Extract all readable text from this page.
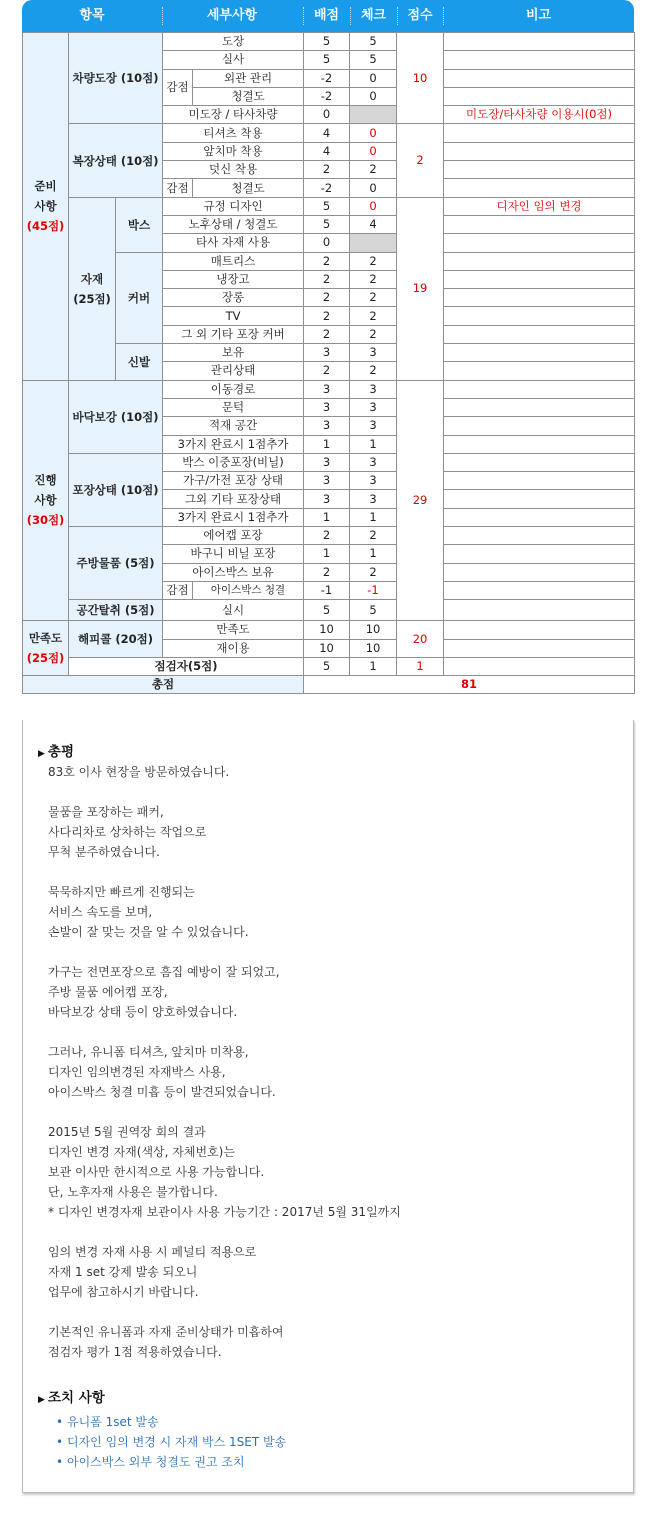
항목	세부사항	배점	체크	점수	비고
준비
사항
(45점)	차량도장 (10점)		도장		5	5	10	
			실사		5	5		
			감점	외관 관리	-2	0		
				청결도	-2	0		
			미도장 / 타사차량		0			미도장/타사차량 이용시(0점)
	복장상태 (10점)		티셔츠 착용		4	0	2	
			앞치마 착용		4	0		
			덧신 착용		2	2		
			감점	청결도	-2	0		
	자재 (25점)	박스	규정 디자인		5	0	19	디자인 임의 변경
			노후상태 / 청결도		5	4		
			타사 자재 사용		0			
		커버	매트리스		2	2		
			냉장고		2	2		
			장롱		2	2		
			TV		2	2		
			그 외 기타 포장 커버		2	2		
		신발	보유		3	3		
			관리상태		2	2		
진행
사항
(30점)	바닥보강 (10점)		이동경로		3	3	29	
			문턱		3	3		
			적재 공간		3	3		
			3가지 완료시 1점추가		1	1		
	포장상태 (10점)		박스 이중포장(비닐)		3	3		
			가구/가전 포장 상태		3	3		
			그외 기타 포장상태		3	3		
			3가지 완료시 1점추가		1	1		
	주방물품 (5점)		에어캡 포장		2	2		
			바구니 비닐 포장		1	1		
			아이스박스 보유		2	2		
			감점	아이스박스 청결	-1	-1		
	공간탈취 (5점)		실시		5	5		
만족도
(25점)	해피콜 (20점)		만족도		10	10	20	
			재이용		10	10		
	점검자(5점)				5	1	1	
총점					81			
▶ 총평

83호 이사 현장을 방문하였습니다.

물품을 포장하는 패커,
사다리차로 상차하는 작업으로
무척 분주하였습니다.

묵묵하지만 빠르게 진행되는
서비스 속도를 보며,
손발이 잘 맞는 것을 알 수 있었습니다.

가구는 전면포장으로 흠집 예방이 잘 되었고,
주방 물품 에어캡 포장,
바닥보강 상태 등이 양호하였습니다.

그러나, 유니폼 티셔츠, 앞치마 미착용,
디자인 임의변경된 자재박스 사용,
아이스박스 청결 미흡 등이 발견되었습니다.

2015년 5월 권역장 회의 결과
디자인 변경 자재(색상, 자체번호)는
보관 이사만 한시적으로 사용 가능합니다.
단, 노후자재 사용은 불가합니다.
* 디자인 변경자재 보관이사 사용 가능기간 : 2017년 5월 31일까지

임의 변경 자재 사용 시 페널티 적용으로
자재 1 set 강제 발송 되오니
업무에 참고하시기 바랍니다.

기본적인 유니폼과 자재 준비상태가 미흡하여
점검자 평가 1점 적용하였습니다.

▶ 조치 사항
• 유니폼 1set 발송
• 디자인 임의 변경 시 자재 박스 1SET 발송
• 아이스박스 외부 청결도 권고 조치
